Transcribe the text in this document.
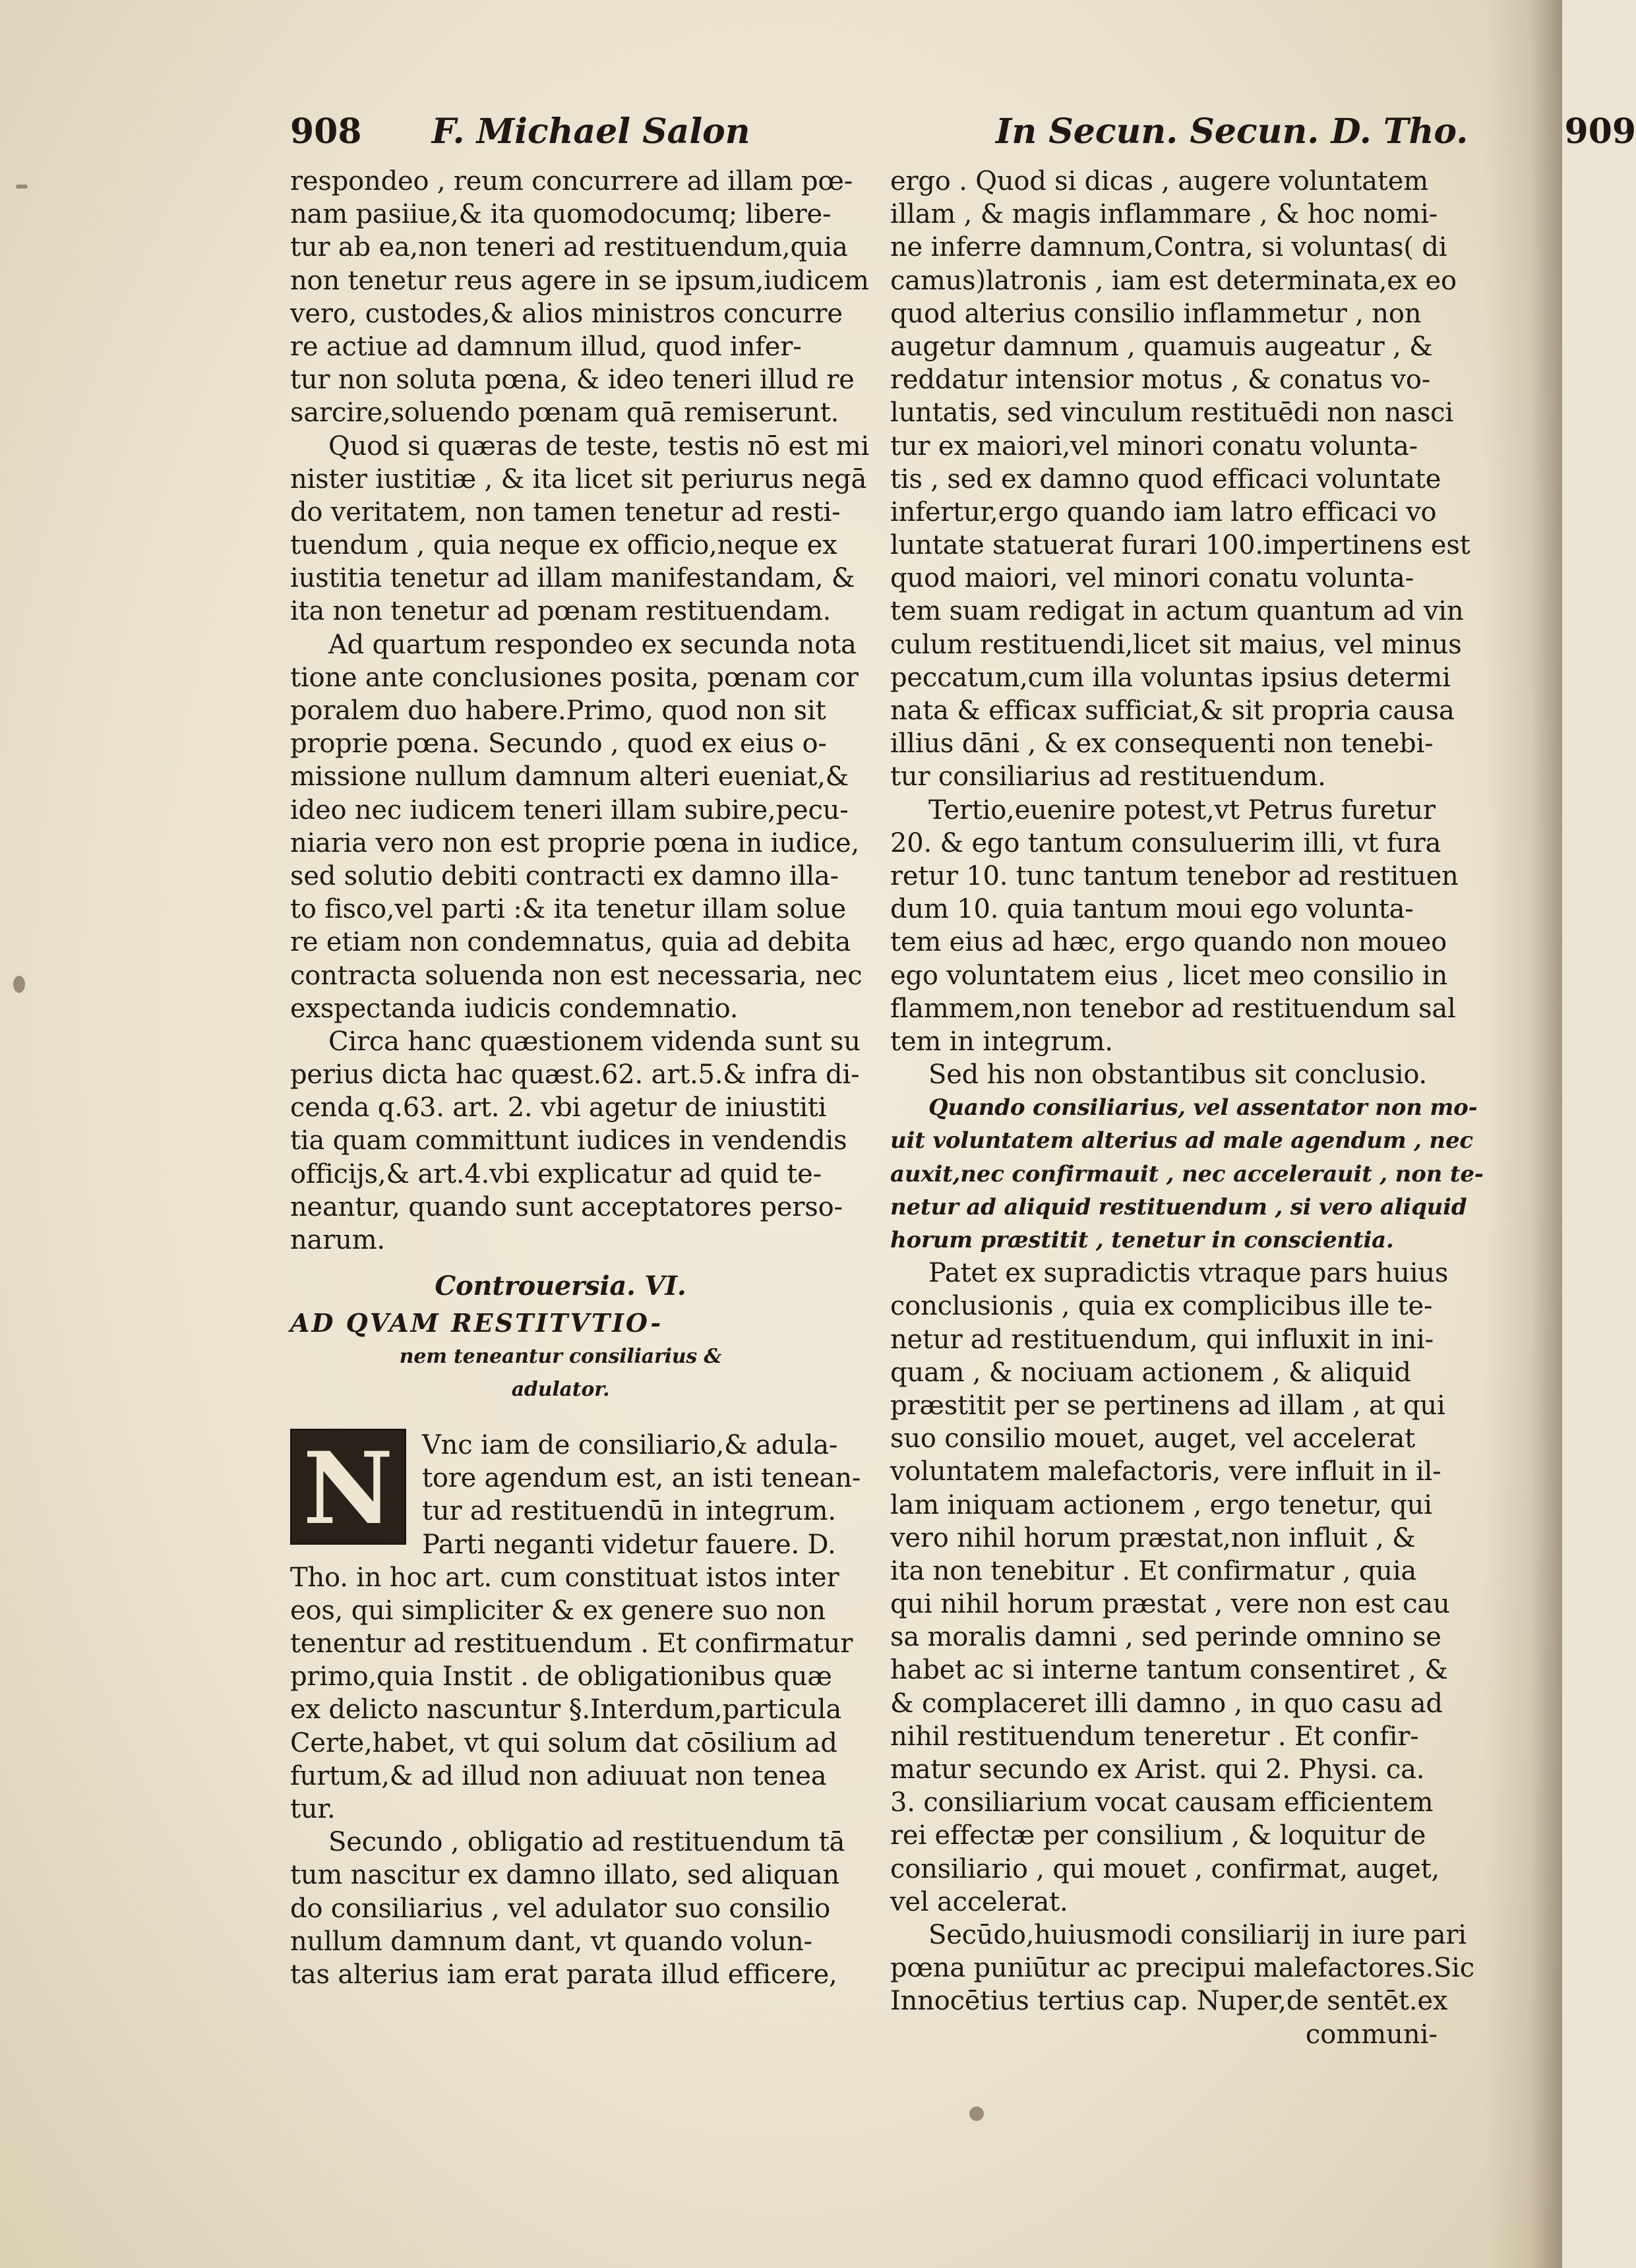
908 F. Michael Salon	In Secun. Secun. D. Tho.	909

respondeo , reum concurrere ad illam pœ-
nam pasiiue,& ita quomodocumq; libere-
tur ab ea,non teneri ad restituendum,quia
non tenetur reus agere in se ipsum,iudicem
vero, custodes,& alios ministros concurre
re actiue ad damnum illud, quod infer-
tur non soluta pœna, & ideo teneri illud re
sarcire,soluendo pœnam quā remiserunt.

Quod si quæras de teste, testis nō est mi
nister iustitiæ , & ita licet sit periurus negā
do veritatem, non tamen tenetur ad resti-
tuendum , quia neque ex officio,neque ex
iustitia tenetur ad illam manifestandam, &
ita non tenetur ad pœnam restituendam.

Ad quartum respondeo ex secunda nota
tione ante conclusiones posita, pœnam cor
poralem duo habere.Primo, quod non sit
proprie pœna. Secundo , quod ex eius o-
missione nullum damnum alteri eueniat,&
ideo nec iudicem teneri illam subire,pecu-
niaria vero non est proprie pœna in iudice,
sed solutio debiti contracti ex damno illa-
to fisco,vel parti :& ita tenetur illam solue
re etiam non condemnatus, quia ad debita
contracta soluenda non est necessaria, nec
exspectanda iudicis condemnatio.

Circa hanc quæstionem videnda sunt su
perius dicta hac quæst.62. art.5.& infra di-
cenda q.63. art. 2. vbi agetur de iniustiti
tia quam committunt iudices in vendendis
officijs,& art.4.vbi explicatur ad quid te-
neantur, quando sunt acceptatores perso-
narum.

Controuersia. VI.
AD QVAM RESTITVTIO-
nem teneantur consiliarius &
adulator.
N	Vnc iam de consiliario,& adula-
tore agendum est, an isti tenean-
tur ad restituendū in integrum.
Parti neganti videtur fauere. D.
Tho. in hoc art. cum constituat istos inter
eos, qui simpliciter & ex genere suo non
tenentur ad restituendum . Et confirmatur
primo,quia Instit . de obligationibus quæ
ex delicto nascuntur §.Interdum,particula
Certe,habet, vt qui solum dat cōsilium ad
furtum,& ad illud non adiuuat non tenea
tur.

Secundo , obligatio ad restituendum tā
tum nascitur ex damno illato, sed aliquan
do consiliarius , vel adulator suo consilio
nullum damnum dant, vt quando volun-
tas alterius iam erat parata illud efficere,

ergo . Quod si dicas , augere voluntatem
illam , & magis inflammare , & hoc nomi-
ne inferre damnum,Contra, si voluntas( di
camus)latronis , iam est determinata,ex eo
quod alterius consilio inflammetur , non
augetur damnum , quamuis augeatur , &
reddatur intensior motus , & conatus vo-
luntatis, sed vinculum restituēdi non nasci
tur ex maiori,vel minori conatu volunta-
tis , sed ex damno quod efficaci voluntate
infertur,ergo quando iam latro efficaci vo
luntate statuerat furari 100.impertinens est
quod maiori, vel minori conatu volunta-
tem suam redigat in actum quantum ad vin
culum restituendi,licet sit maius, vel minus
peccatum,cum illa voluntas ipsius determi
nata & efficax sufficiat,& sit propria causa
illius dāni , & ex consequenti non tenebi-
tur consiliarius ad restituendum.

Tertio,euenire potest,vt Petrus furetur
20. & ego tantum consuluerim illi, vt fura
retur 10. tunc tantum tenebor ad restituen
dum 10. quia tantum moui ego volunta-
tem eius ad hæc, ergo quando non moueo
ego voluntatem eius , licet meo consilio in
flammem,non tenebor ad restituendum sal
tem in integrum.

Sed his non obstantibus sit conclusio.

Quando consiliarius, vel assentator non mo-
uit voluntatem alterius ad male agendum , nec
auxit,nec confirmauit , nec accelerauit , non te-
netur ad aliquid restituendum , si vero aliquid
horum præstitit , tenetur in conscientia.

Patet ex supradictis vtraque pars huius
conclusionis , quia ex complicibus ille te-
netur ad restituendum, qui influxit in ini-
quam , & nociuam actionem , & aliquid
præstitit per se pertinens ad illam , at qui
suo consilio mouet, auget, vel accelerat
voluntatem malefactoris, vere influit in il-
lam iniquam actionem , ergo tenetur, qui
vero nihil horum præstat,non influit , &
ita non tenebitur . Et confirmatur , quia
qui nihil horum præstat , vere non est cau
sa moralis damni , sed perinde omnino se
habet ac si interne tantum consentiret , &
& complaceret illi damno , in quo casu ad
nihil restituendum teneretur . Et confir-
matur secundo ex Arist. qui 2. Physi. ca.
3. consiliarium vocat causam efficientem
rei effectæ per consilium , & loquitur de
consiliario , qui mouet , confirmat, auget,
vel accelerat.

Secūdo,huiusmodi consiliarij in iure pari
pœna puniūtur ac precipui malefactores.Sic
Innocētius tertius cap. Nuper,de sentēt.ex

communi-
